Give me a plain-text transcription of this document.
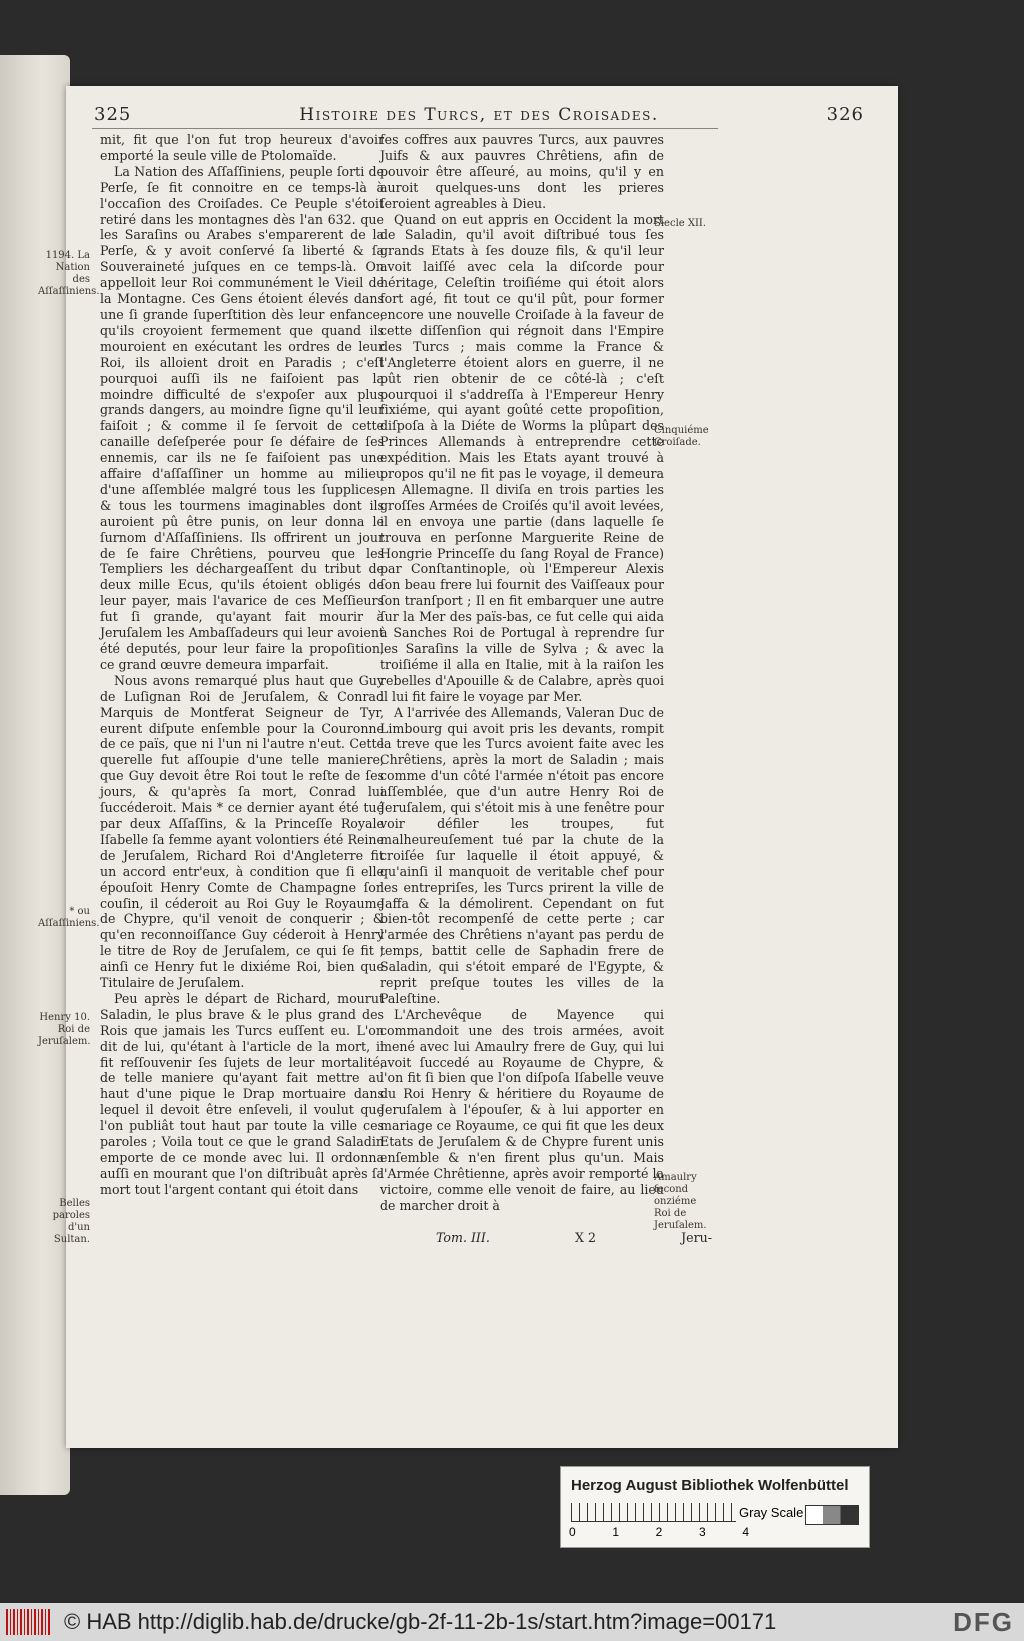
325	Histoire des Turcs, et des Croisades.	326

mit, fit que l'on fut trop heureux d'avoir emporté la seule ville de Ptolomaïde.

La Nation des Aſſaſſiniens, peuple ſorti de Perſe, ſe fit connoitre en ce temps-là à l'occaſion des Croiſades. Ce Peuple s'étoit retiré dans les montagnes dès l'an 632. que les Saraſins ou Arabes s'emparerent de la Perſe, & y avoit conſervé ſa liberté & ſa Souveraineté juſques en ce temps-là. On appelloit leur Roi communément le Vieil de la Montagne. Ces Gens étoient élevés dans une ſi grande ſuperſtition dès leur enfance, qu'ils croyoient fermement que quand ils mouroient en exécutant les ordres de leur Roi, ils alloient droit en Paradis ; c'eſt pourquoi auſſi ils ne faiſoient pas la moindre difficulté de s'expoſer aux plus grands dangers, au moindre ſigne qu'il leur faiſoit ; & comme il ſe ſervoit de cette canaille deſeſperée pour ſe défaire de ſes ennemis, car ils ne ſe faiſoient pas une affaire d'aſſaſſiner un homme au milieu d'une aſſemblée malgré tous les ſupplices, & tous les tourmens imaginables dont ils auroient pû être punis, on leur donna le ſurnom d'Aſſaſſiniens. Ils offrirent un jour de ſe faire Chrêtiens, pourveu que les Templiers les déchargeaſſent du tribut de deux mille Ecus, qu'ils étoient obligés de leur payer, mais l'avarice de ces Meſſieurs fut ſi grande, qu'ayant fait mourir à Jeruſalem les Ambaſſadeurs qui leur avoient été deputés, pour leur faire la propoſition, ce grand œuvre demeura imparfait.

Nous avons remarqué plus haut que Guy de Luſignan Roi de Jeruſalem, & Conrad Marquis de Montferat Seigneur de Tyr, eurent diſpute enſemble pour la Couronne de ce païs, que ni l'un ni l'autre n'eut. Cette querelle fut aſſoupie d'une telle maniere, que Guy devoit être Roi tout le reſte de ſes jours, & qu'après ſa mort, Conrad lui ſuccéderoit. Mais * ce dernier ayant été tué par deux Aſſaſſins, & la Princeſſe Royale Iſabelle ſa femme ayant volontiers été Reine de Jeruſalem, Richard Roi d'Angleterre fit un accord entr'eux, à condition que ſi elle épouſoit Henry Comte de Champagne ſon couſin, il céderoit au Roi Guy le Royaume de Chypre, qu'il venoit de conquerir ; & qu'en reconnoiſſance Guy céderoit à Henry le titre de Roy de Jeruſalem, ce qui ſe fit ; ainſi ce Henry fut le dixiéme Roi, bien que Titulaire de Jeruſalem.

Peu après le départ de Richard, mourut Saladin, le plus brave & le plus grand des Rois que jamais les Turcs euſſent eu. L'on dit de lui, qu'étant à l'article de la mort, il fit reſſouvenir ſes ſujets de leur mortalité, de telle maniere qu'ayant fait mettre au haut d'une pique le Drap mortuaire dans lequel il devoit être enſeveli, il voulut que l'on publiât tout haut par toute la ville ces paroles ; Voila tout ce que le grand Saladin emporte de ce monde avec lui. Il ordonna auſſi en mourant que l'on diſtribuât après ſa mort tout l'argent contant qui étoit dans

ſes coffres aux pauvres Turcs, aux pauvres Juifs & aux pauvres Chrêtiens, afin de pouvoir être aſſeuré, au moins, qu'il y en auroit quelques-uns dont les prieres ſeroient agreables à Dieu.

Quand on eut appris en Occident la mort de Saladin, qu'il avoit diſtribué tous ſes grands Etats à ſes douze fils, & qu'il leur avoit laiſſé avec cela la diſcorde pour héritage, Celeſtin troiſiéme qui étoit alors fort agé, fit tout ce qu'il pût, pour former encore une nouvelle Croiſade à la faveur de cette diſſenſion qui régnoit dans l'Empire des Turcs ; mais comme la France & l'Angleterre étoient alors en guerre, il ne pût rien obtenir de ce côté-là ; c'eſt pourquoi il s'addreſſa à l'Empereur Henry ſixiéme, qui ayant goûté cette propoſition, diſpoſa à la Diéte de Worms la plûpart des Princes Allemands à entreprendre cette expédition. Mais les Etats ayant trouvé à propos qu'il ne fit pas le voyage, il demeura en Allemagne. Il diviſa en trois parties les groſſes Armées de Croiſés qu'il avoit levées, il en envoya une partie (dans laquelle ſe trouva en perſonne Marguerite Reine de Hongrie Princeſſe du ſang Royal de France) par Conſtantinople, où l'Empereur Alexis ſon beau frere lui fournit des Vaiſſeaux pour ſon tranſport ; Il en fit embarquer une autre ſur la Mer des païs-bas, ce fut celle qui aida à Sanches Roi de Portugal à reprendre ſur les Saraſins la ville de Sylva ; & avec la troiſiéme il alla en Italie, mit à la raiſon les rebelles d'Apouille & de Calabre, après quoi il lui fit faire le voyage par Mer.

A l'arrivée des Allemands, Valeran Duc de Limbourg qui avoit pris les devants, rompit la treve que les Turcs avoient faite avec les Chrêtiens, après la mort de Saladin ; mais comme d'un côté l'armée n'étoit pas encore aſſemblée, que d'un autre Henry Roi de Jeruſalem, qui s'étoit mis à une fenêtre pour voir défiler les troupes, fut malheureuſement tué par la chute de la croiſée ſur laquelle il étoit appuyé, & qu'ainſi il manquoit de veritable chef pour les entrepriſes, les Turcs prirent la ville de Jaffa & la démolirent. Cependant on fut bien-tôt recompenſé de cette perte ; car l'armée des Chrêtiens n'ayant pas perdu de temps, battit celle de Saphadin frere de Saladin, qui s'étoit emparé de l'Egypte, & reprit preſque toutes les villes de la Paleſtine.

L'Archevêque de Mayence qui commandoit une des trois armées, avoit mené avec lui Amaulry frere de Guy, qui lui avoit ſuccedé au Royaume de Chypre, & l'on fit ſi bien que l'on diſpoſa Iſabelle veuve du Roi Henry & héritiere du Royaume de Jeruſalem à l'épouſer, & à lui apporter en mariage ce Royaume, ce qui fit que les deux Etats de Jeruſalem & de Chypre furent unis enſemble & n'en firent plus qu'un. Mais l'Armée Chrêtienne, après avoir remporté la victoire, comme elle venoit de faire, au lieu de marcher droit à

1194. La Nation des Aſſaſſiniens.
* ou Aſſaſſiniens.
Henry 10. Roi de Jeruſalem.
Belles paroles d'un Sultan.
Siecle XII.
Cinquiéme Croiſade.
Amaulry ſecond onziéme Roi de Jeruſalem.
Tom. III.	X 2	Jeru-
Herzog August Bibliothek Wolfenbüttel
0	1	2	3	4
Gray Scale
© HAB http://diglib.hab.de/drucke/gb-2f-11-2b-1s/start.htm?image=00171	DFG
